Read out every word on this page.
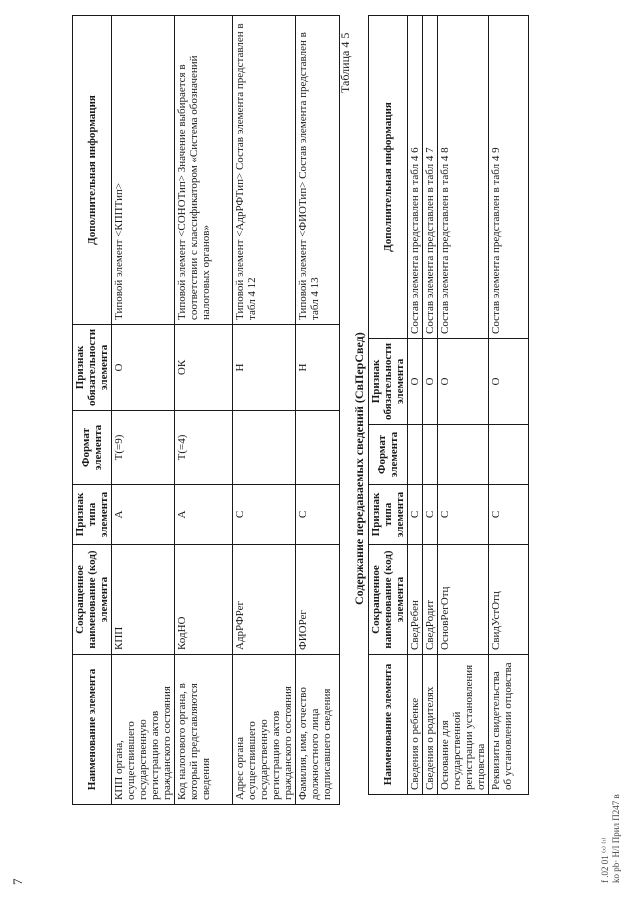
7
Наименование элемента	Сокращенное наименование (код) элемента	Признак типа элемента	Формат элемента	Признак обязательности элемента	Дополнительная информация
КПП органа, осуществившего государственную регистрацию актов гражданского состояния	КПП	А	Т(=9)	О	Типовой элемент <КППТип>
Код налогового органа, в который представляются сведения	КодНО	А	Т(=4)	ОК	Типовой элемент <СОНОТип> Значение выбирается в соответствии с классификатором «Система обозначений налоговых органов»
Адрес органа осуществившего государственную регистрацию актов гражданского состояния	АдрРФРег	С		Н	Типовой элемент <АдрРФТип> Состав элемента представлен в табл 4 12
Фамилия, имя, отчество должностного лица подписавшего сведения	ФИОРег	С		Н	Типовой элемент <ФИОТип> Состав элемента представлен в табл 4 13
Таблица 4 5
Содержание передаваемых сведений (СвПерСвед)
Наименование элемента	Сокращенное наименование (код) элемента	Признак типа элемента	Формат элемента	Признак обязательности элемента	Дополнительная информация
Сведения о ребенке	СведРебен	С		О	Состав элемента представлен в табл 4 6
Сведения о родителях	СведРодит	С		О	Состав элемента представлен в табл 4 7
Основание для государственной регистрации установления отцовства	ОсновРегОтц	С		О	Состав элемента представлен в табл 4 8
Реквизиты свидетельства об установлении отцовства	СвидУстОтц	С		О	Состав элемента представлен в табл 4 9
f .02 01 ⁽ˣ⁾ ⁽ᵗ⁾ ko pb· H/I Прил П247 в
